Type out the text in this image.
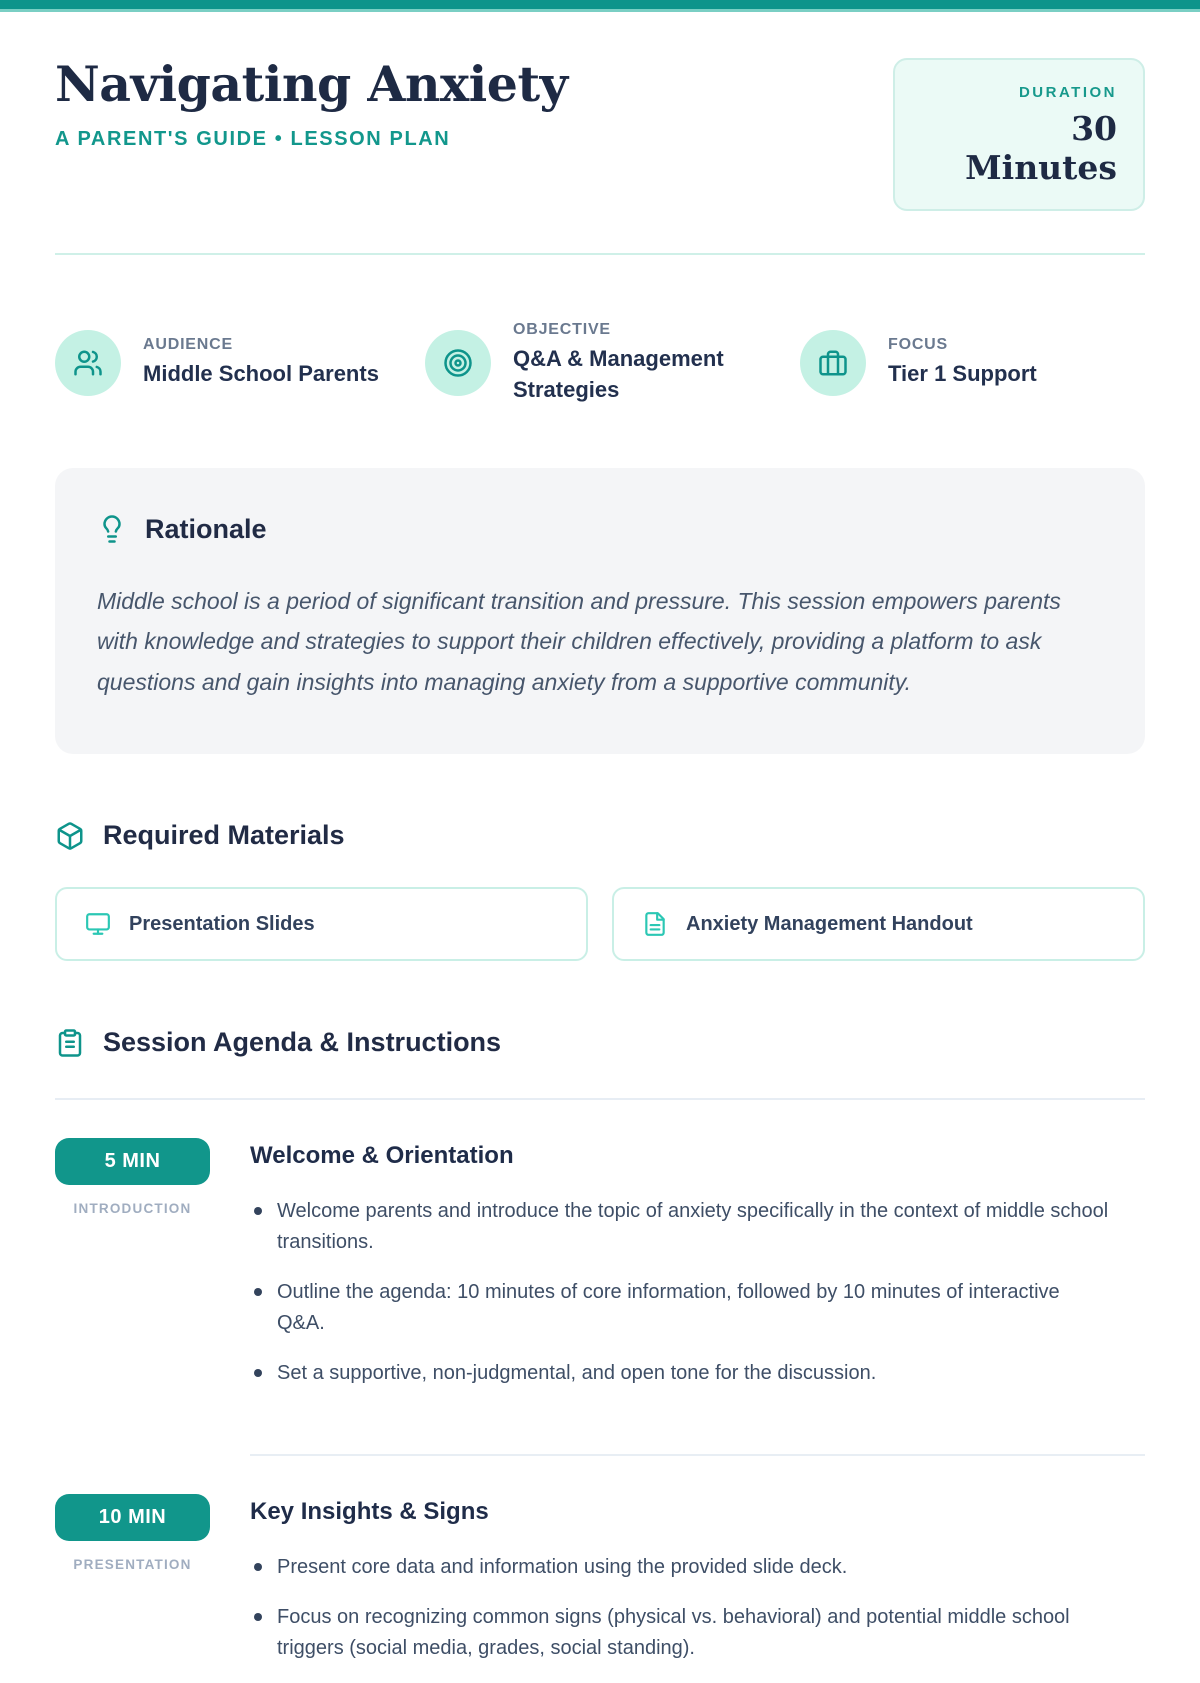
Navigating Anxiety
A PARENT'S GUIDE • LESSON PLAN
DURATION
30 Minutes
AUDIENCE
Middle School Parents
OBJECTIVE
Q&A & Management Strategies
FOCUS
Tier 1 Support
Rationale

Middle school is a period of significant transition and pressure. This session empowers parents with knowledge and strategies to support their children effectively, providing a platform to ask questions and gain insights into managing anxiety from a supportive community.

Required Materials
Presentation Slides	Anxiety Management Handout
Session Agenda & Instructions
5 MIN
INTRODUCTION
Welcome & Orientation
Welcome parents and introduce the topic of anxiety specifically in the context of middle school transitions.
Outline the agenda: 10 minutes of core information, followed by 10 minutes of interactive Q&A.
Set a supportive, non-judgmental, and open tone for the discussion.
10 MIN
PRESENTATION
Key Insights & Signs
Present core data and information using the provided slide deck.
Focus on recognizing common signs (physical vs. behavioral) and potential middle school triggers (social media, grades, social standing).
